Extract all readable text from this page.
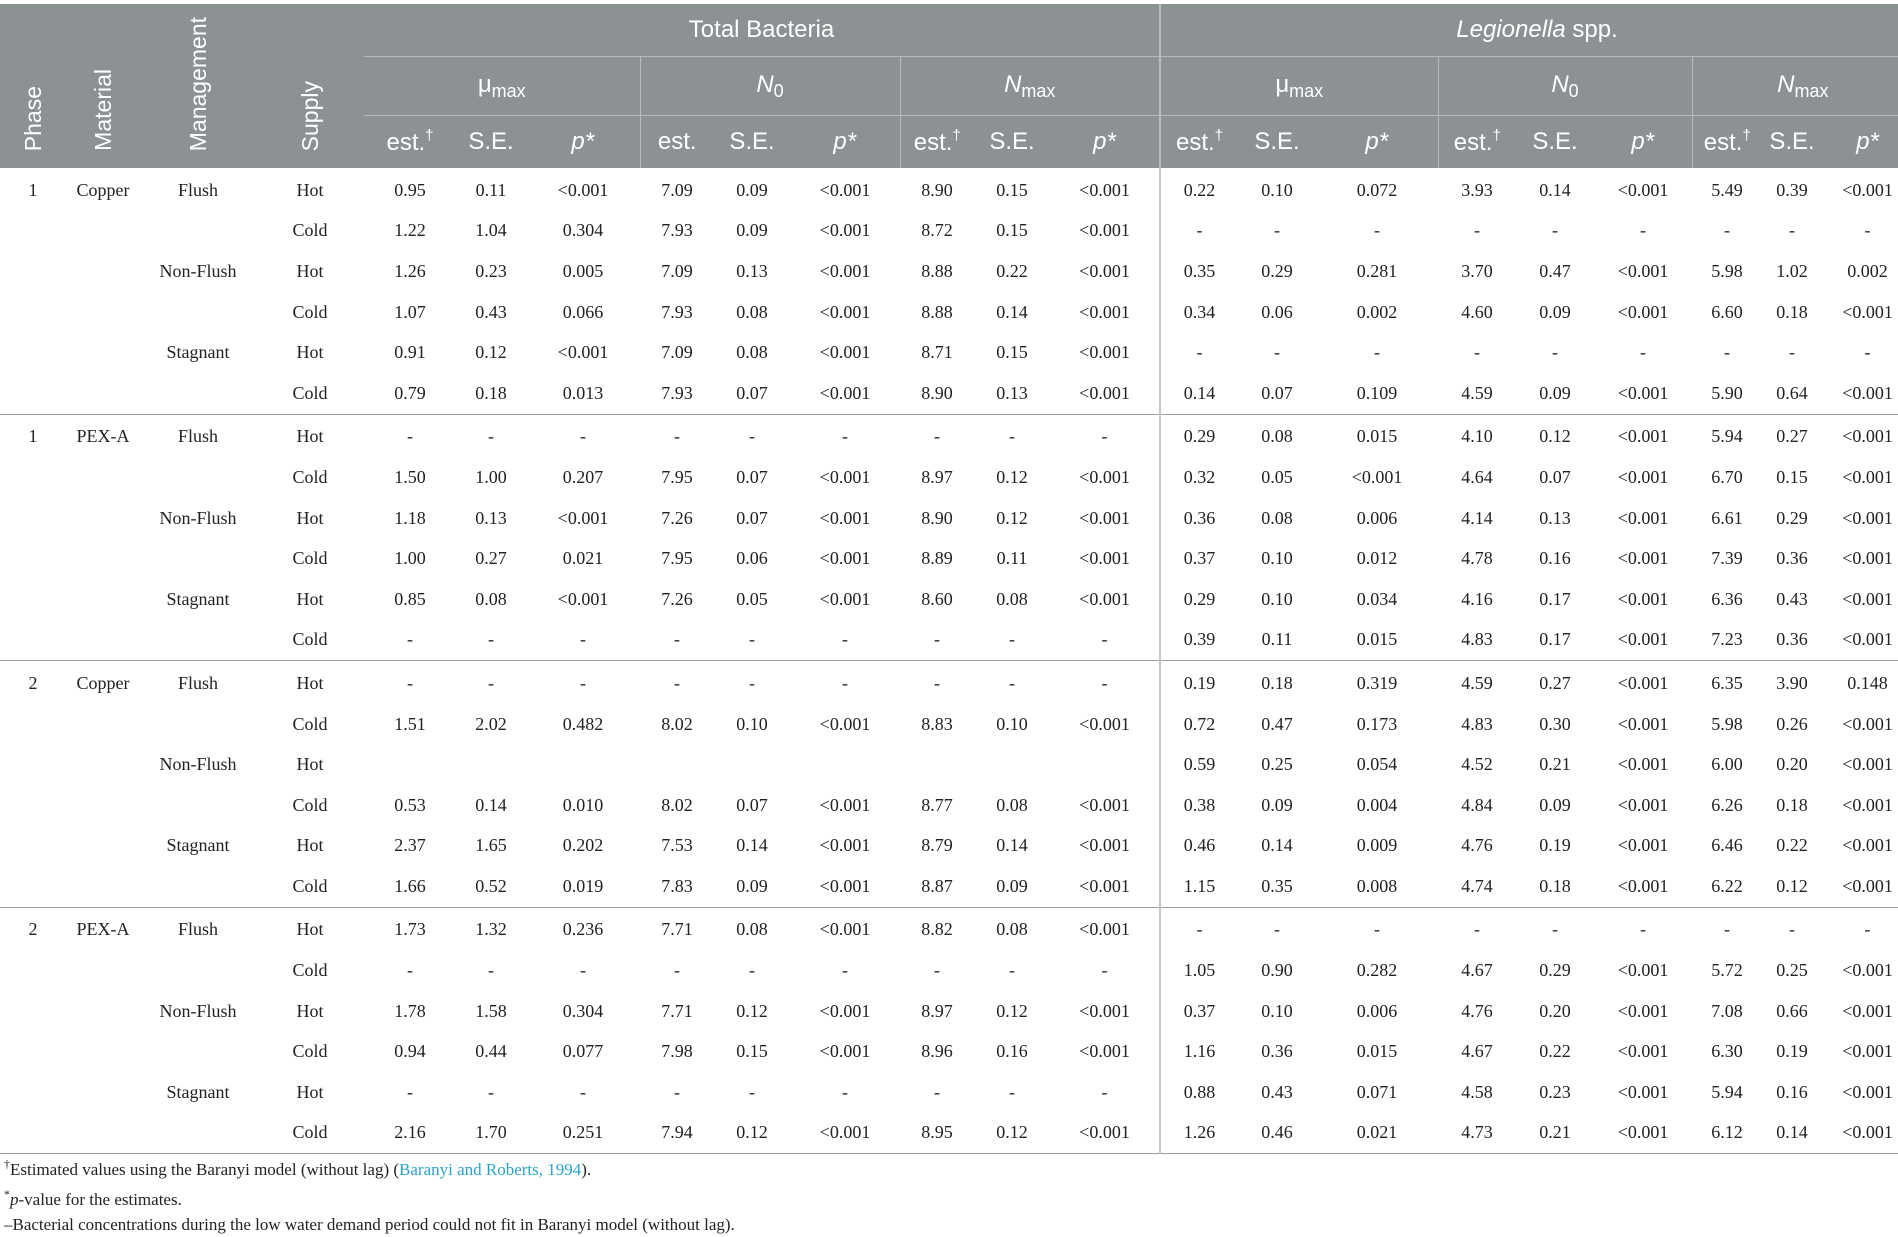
Phase	Material	Management	Supply	Total Bacteria									Legionella spp.								
				$\mu_{max}$			$N_0$			$N_{max}$			$\mu_{max}$			$N_0$			$N_{max}$
				est.†	S.E.	p*	est.	S.E.	p*	est.†	S.E.	p*	est.†	S.E.	p*	est.†	S.E.	p*	est.†	S.E.	p*
1	Copper	Flush	Hot	0.95	0.11	<0.001	7.09	0.09	<0.001	8.90	0.15	<0.001	0.22	0.10	0.072	3.93	0.14	<0.001	5.49	0.39	<0.001
			Cold	1.22	1.04	0.304	7.93	0.09	<0.001	8.72	0.15	<0.001	-	-	-	-	-	-	-	-	-
		Non-Flush	Hot	1.26	0.23	0.005	7.09	0.13	<0.001	8.88	0.22	<0.001	0.35	0.29	0.281	3.70	0.47	<0.001	5.98	1.02	0.002
			Cold	1.07	0.43	0.066	7.93	0.08	<0.001	8.88	0.14	<0.001	0.34	0.06	0.002	4.60	0.09	<0.001	6.60	0.18	<0.001
		Stagnant	Hot	0.91	0.12	<0.001	7.09	0.08	<0.001	8.71	0.15	<0.001	-	-	-	-	-	-	-	-	-
			Cold	0.79	0.18	0.013	7.93	0.07	<0.001	8.90	0.13	<0.001	0.14	0.07	0.109	4.59	0.09	<0.001	5.90	0.64	<0.001
1	PEX-A	Flush	Hot	-	-	-	-	-	-	-	-	-	0.29	0.08	0.015	4.10	0.12	<0.001	5.94	0.27	<0.001
			Cold	1.50	1.00	0.207	7.95	0.07	<0.001	8.97	0.12	<0.001	0.32	0.05	<0.001	4.64	0.07	<0.001	6.70	0.15	<0.001
		Non-Flush	Hot	1.18	0.13	<0.001	7.26	0.07	<0.001	8.90	0.12	<0.001	0.36	0.08	0.006	4.14	0.13	<0.001	6.61	0.29	<0.001
			Cold	1.00	0.27	0.021	7.95	0.06	<0.001	8.89	0.11	<0.001	0.37	0.10	0.012	4.78	0.16	<0.001	7.39	0.36	<0.001
		Stagnant	Hot	0.85	0.08	<0.001	7.26	0.05	<0.001	8.60	0.08	<0.001	0.29	0.10	0.034	4.16	0.17	<0.001	6.36	0.43	<0.001
			Cold	-	-	-	-	-	-	-	-	-	0.39	0.11	0.015	4.83	0.17	<0.001	7.23	0.36	<0.001
2	Copper	Flush	Hot	-	-	-	-	-	-	-	-	-	0.19	0.18	0.319	4.59	0.27	<0.001	6.35	3.90	0.148
			Cold	1.51	2.02	0.482	8.02	0.10	<0.001	8.83	0.10	<0.001	0.72	0.47	0.173	4.83	0.30	<0.001	5.98	0.26	<0.001
		Non-Flush	Hot										0.59	0.25	0.054	4.52	0.21	<0.001	6.00	0.20	<0.001
			Cold	0.53	0.14	0.010	8.02	0.07	<0.001	8.77	0.08	<0.001	0.38	0.09	0.004	4.84	0.09	<0.001	6.26	0.18	<0.001
		Stagnant	Hot	2.37	1.65	0.202	7.53	0.14	<0.001	8.79	0.14	<0.001	0.46	0.14	0.009	4.76	0.19	<0.001	6.46	0.22	<0.001
			Cold	1.66	0.52	0.019	7.83	0.09	<0.001	8.87	0.09	<0.001	1.15	0.35	0.008	4.74	0.18	<0.001	6.22	0.12	<0.001
2	PEX-A	Flush	Hot	1.73	1.32	0.236	7.71	0.08	<0.001	8.82	0.08	<0.001	-	-	-	-	-	-	-	-	-
			Cold	-	-	-	-	-	-	-	-	-	1.05	0.90	0.282	4.67	0.29	<0.001	5.72	0.25	<0.001
		Non-Flush	Hot	1.78	1.58	0.304	7.71	0.12	<0.001	8.97	0.12	<0.001	0.37	0.10	0.006	4.76	0.20	<0.001	7.08	0.66	<0.001
			Cold	0.94	0.44	0.077	7.98	0.15	<0.001	8.96	0.16	<0.001	1.16	0.36	0.015	4.67	0.22	<0.001	6.30	0.19	<0.001
		Stagnant	Hot	-	-	-	-	-	-	-	-	-	0.88	0.43	0.071	4.58	0.23	<0.001	5.94	0.16	<0.001
			Cold	2.16	1.70	0.251	7.94	0.12	<0.001	8.95	0.12	<0.001	1.26	0.46	0.021	4.73	0.21	<0.001	6.12	0.14	<0.001

†Estimated values using the Baranyi model (without lag) (Baranyi and Roberts, 1994).

*p-value for the estimates.

–Bacterial concentrations during the low water demand period could not fit in Baranyi model (without lag).
